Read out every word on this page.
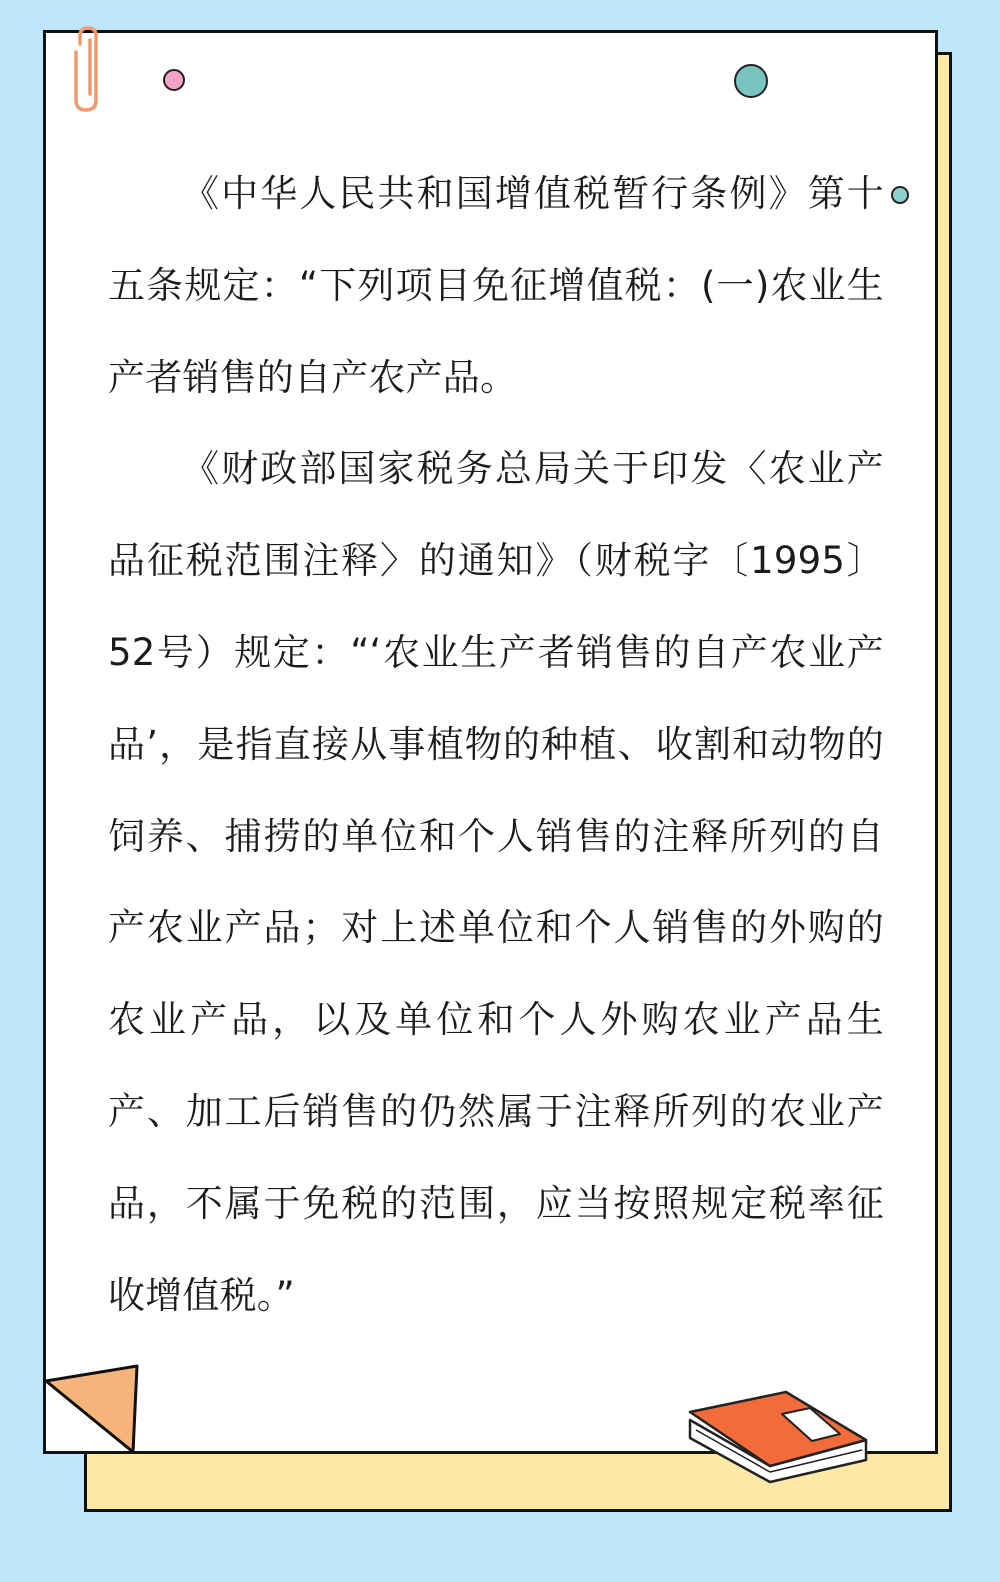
《中华人民共和国增值税暂行条例》第十五条规定：“下列项目免征增值税：(一)农业生产者销售的自产农产品。

《财政部国家税务总局关于印发〈农业产品征税范围注释〉的通知》（财税字〔1995〕52号）规定：“‘农业生产者销售的自产农业产品’，是指直接从事植物的种植、收割和动物的饲养、捕捞的单位和个人销售的注释所列的自产农业产品；对上述单位和个人销售的外购的农业产品，以及单位和个人外购农业产品生产、加工后销售的仍然属于注释所列的农业产品，不属于免税的范围，应当按照规定税率征收增值税。”
